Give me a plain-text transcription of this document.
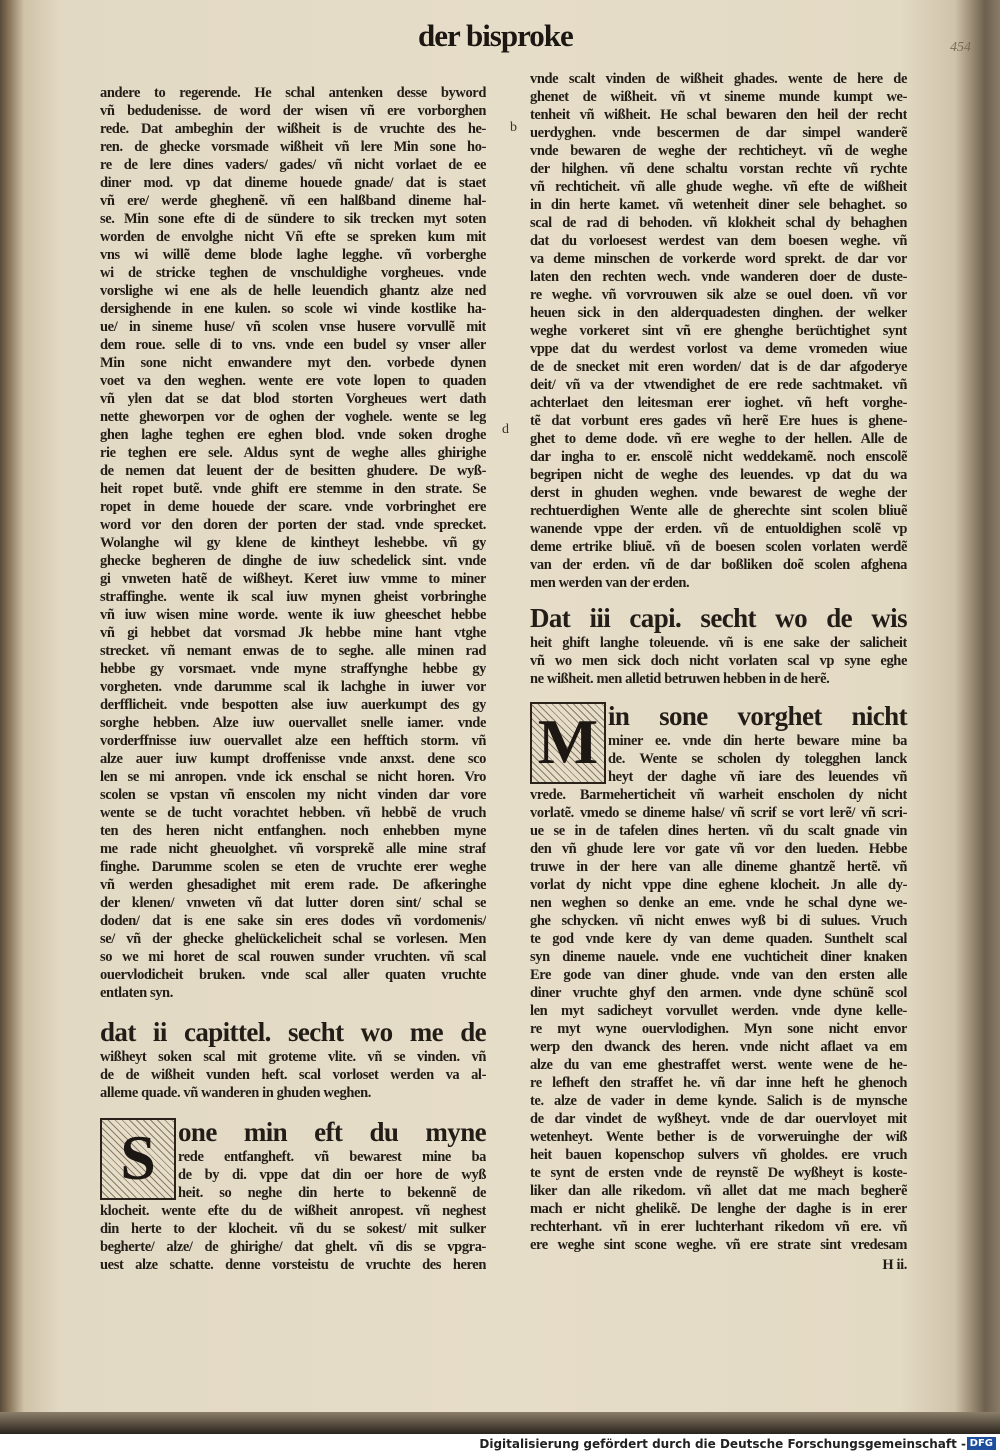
der bisproke	454
b
d
andere to regerende. He schal antenken desse byword
vñ bedudenisse. de word der wisen vñ ere vorborghen
rede. Dat ambeghin der wißheit is de vruchte des he-
ren. de ghecke vorsmade wißheit vñ lere Min sone ho-
re de lere dines vaders/ gades/ vñ nicht vorlaet de ee
diner mod. vp dat dineme houede gnade/ dat is staet
vñ ere/ werde gheghenẽ. vñ een halßband dineme hal-
se. Min sone efte di de sündere to sik trecken myt soten
worden de envolghe nicht Vñ efte se spreken kum mit
vns wi willẽ deme blode laghe legghe. vñ vorberghe
wi de stricke teghen de vnschuldighe vorgheues. vnde
vorslighe wi ene als de helle leuendich ghantz alze ned
dersighende in ene kulen. so scole wi vinde kostlike ha-
ue/ in sineme huse/ vñ scolen vnse husere vorvullẽ mit
dem roue. selle di to vns. vnde een budel sy vnser aller
Min sone nicht enwandere myt den. vorbede dynen
voet va den weghen. wente ere vote lopen to quaden
vñ ylen dat se dat blod storten Vorgheues wert dath
nette gheworpen vor de oghen der voghele. wente se leg
ghen laghe teghen ere eghen blod. vnde soken droghe
rie teghen ere sele. Aldus synt de weghe alles ghirighe
de nemen dat leuent der de besitten ghudere. De wyß-
heit ropet butẽ. vnde ghift ere stemme in den strate. Se
ropet in deme houede der scare. vnde vorbringhet ere
word vor den doren der porten der stad. vnde sprecket.
Wolanghe wil gy klene de kintheyt leshebbe. vñ gy
ghecke begheren de dinghe de iuw schedelick sint. vnde
gi vnweten hatẽ de wißheyt. Keret iuw vmme to miner
straffinghe. wente ik scal iuw mynen gheist vorbringhe
vñ iuw wisen mine worde. wente ik iuw gheeschet hebbe
vñ gi hebbet dat vorsmad Jk hebbe mine hant vtghe
strecket. vñ nemant enwas de to seghe. alle minen rad
hebbe gy vorsmaet. vnde myne straffynghe hebbe gy
vorgheten. vnde darumme scal ik lachghe in iuwer vor
derfflicheit. vnde bespotten alse iuw auerkumpt des gy
sorghe hebben. Alze iuw ouervallet snelle iamer. vnde
vorderffnisse iuw ouervallet alze een hefftich storm. vñ
alze auer iuw kumpt droffenisse vnde anxst. dene sco
len se mi anropen. vnde ick enschal se nicht horen. Vro
scolen se vpstan vñ enscolen my nicht vinden dar vore
wente se de tucht vorachtet hebben. vñ hebbẽ de vruch
ten des heren nicht entfanghen. noch enhebben myne
me rade nicht gheuolghet. vñ vorsprekẽ alle mine straf
finghe. Darumme scolen se eten de vruchte erer weghe
vñ werden ghesadighet mit erem rade. De afkeringhe
der klenen/ vnweten vñ dat lutter doren sint/ schal se
doden/ dat is ene sake sin eres dodes vñ vordomenis/
se/ vñ der ghecke ghelückelicheit schal se vorlesen. Men
so we mi horet de scal rouwen sunder vruchten. vñ scal
ouervlodicheit bruken. vnde scal aller quaten vruchte
entlaten syn.
dat ii capittel. secht wo me de
wißheyt soken scal mit groteme vlite. vñ se vinden. vñ
de de wißheit vunden heft. scal vorloset werden va al-
alleme quade. vñ wanderen in ghuden weghen.
S one min eft du myne
rede entfangheft. vñ bewarest mine ba
de by di. vppe dat din oer hore de wyß
heit. so neghe din herte to bekennẽ de
klocheit. wente efte du de wißheit anropest. vñ neghest
din herte to der klocheit. vñ du se sokest/ mit sulker
begherte/ alze/ de ghirighe/ dat ghelt. vñ dis se vpgra-
uest alze schatte. denne vorsteistu de vruchte des heren
vnde scalt vinden de wißheit ghades. wente de here de
ghenet de wißheit. vñ vt sineme munde kumpt we-
tenheit vñ wißheit. He schal bewaren den heil der recht
uerdyghen. vnde bescermen de dar simpel wanderẽ
vnde bewaren de weghe der rechticheyt. vñ de weghe
der hilghen. vñ dene schaltu vorstan rechte vñ rychte
vñ rechticheit. vñ alle ghude weghe. vñ efte de wißheit
in din herte kamet. vñ wetenheit diner sele behaghet. so
scal de rad di behoden. vñ klokheit schal dy behaghen
dat du vorloesest werdest van dem boesen weghe. vñ
va deme minschen de vorkerde word sprekt. de dar vor
laten den rechten wech. vnde wanderen doer de duste-
re weghe. vñ vorvrouwen sik alze se ouel doen. vñ vor
heuen sick in den alderquadesten dinghen. der welker
weghe vorkeret sint vñ ere ghenghe berüchtighet synt
vppe dat du werdest vorlost va deme vromeden wiue
de de snecket mit eren worden/ dat is de dar afgoderye
deit/ vñ va der vtwendighet de ere rede sachtmaket. vñ
achterlaet den leitesman erer ioghet. vñ heft vorghe-
tẽ dat vorbunt eres gades vñ herẽ Ere hues is ghene-
ghet to deme dode. vñ ere weghe to der hellen. Alle de
dar ingha to er. enscolẽ nicht weddekamẽ. noch enscolẽ
begripen nicht de weghe des leuendes. vp dat du wa
derst in ghuden weghen. vnde bewarest de weghe der
rechtuerdighen Wente alle de gherechte sint scolen bliuẽ
wanende vppe der erden. vñ de entuoldighen scolẽ vp
deme ertrike bliuẽ. vñ de boesen scolen vorlaten werdẽ
van der erden. vñ de dar boßliken doẽ scolen afghena
men werden van der erden.
Dat iii capi. secht wo de wis
heit ghift langhe toleuende. vñ is ene sake der salicheit
vñ wo men sick doch nicht vorlaten scal vp syne eghe
ne wißheit. men alletid betruwen hebben in de herẽ.
M in sone vorghet nicht
miner ee. vnde din herte beware mine ba
de. Wente se scholen dy tolegghen lanck
heyt der daghe vñ iare des leuendes vñ
vrede. Barmeherticheit vñ warheit enscholen dy nicht
vorlatẽ. vmedo se dineme halse/ vñ scrif se vort lerẽ/ vñ scri-
ue se in de tafelen dines herten. vñ du scalt gnade vin
den vñ ghude lere vor gate vñ vor den lueden. Hebbe
truwe in der here van alle dineme ghantzẽ hertẽ. vñ
vorlat dy nicht vppe dine eghene klocheit. Jn alle dy-
nen weghen so denke an eme. vnde he schal dyne we-
ghe schycken. vñ nicht enwes wyß bi di sulues. Vruch
te god vnde kere dy van deme quaden. Sunthelt scal
syn dineme nauele. vnde ene vuchticheit diner knaken
Ere gode van diner ghude. vnde van den ersten alle
diner vruchte ghyf den armen. vnde dyne schünẽ scol
len myt sadicheyt vorvullet werden. vnde dyne kelle-
re myt wyne ouervlodighen. Myn sone nicht envor
werp den dwanck des heren. vnde nicht aflaet va em
alze du van eme ghestraffet werst. wente wene de he-
re lefheft den straffet he. vñ dar inne heft he ghenoch
te. alze de vader in deme kynde. Salich is de mynsche
de dar vindet de wyßheyt. vnde de dar ouervloyet mit
wetenheyt. Wente bether is de vorweruinghe der wiß
heit bauen kopenschop sulvers vñ gholdes. ere vruch
te synt de ersten vnde de reynstẽ De wyßheyt is koste-
liker dan alle rikedom. vñ allet dat me mach begherẽ
mach er nicht ghelikẽ. De lenghe der daghe is in erer
rechterhant. vñ in erer luchterhant rikedom vñ ere. vñ
ere weghe sint scone weghe. vñ ere strate sint vredesam
H ii.
Digitalisierung gefördert durch die Deutsche Forschungsgemeinschaft - DFG
